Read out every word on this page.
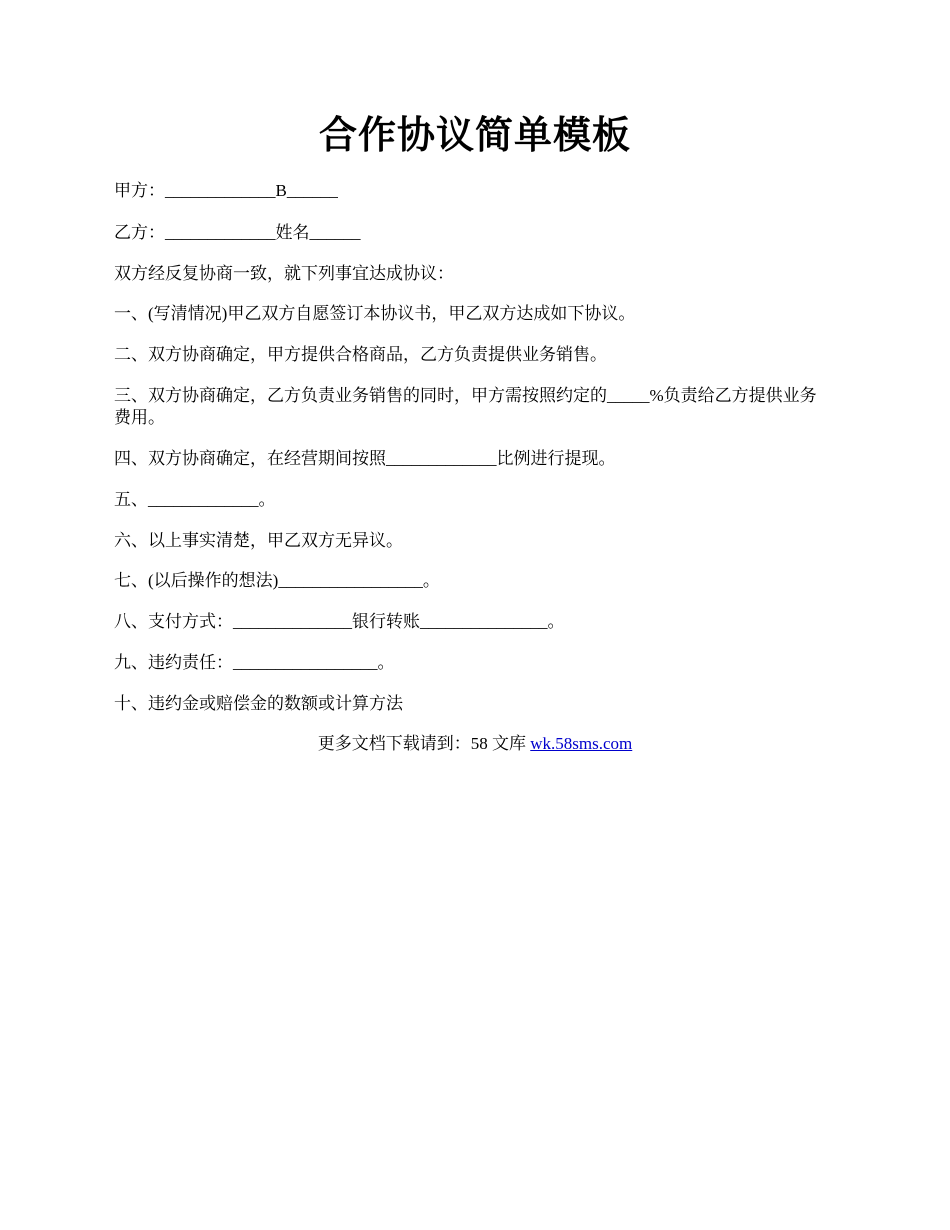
合作协议简单模板
甲方：_____________B______
乙方：_____________姓名______
双方经反复协商一致，就下列事宜达成协议：
一、(写清情况)甲乙双方自愿签订本协议书，甲乙双方达成如下协议。
二、双方协商确定，甲方提供合格商品，乙方负责提供业务销售。
三、双方协商确定，乙方负责业务销售的同时，甲方需按照约定的_____%负责给乙方提供业务费用。
四、双方协商确定，在经营期间按照_____________比例进行提现。
五、_____________。
六、以上事实清楚，甲乙双方无异议。
七、(以后操作的想法)_________________。
八、支付方式：______________银行转账_______________。
九、违约责任：_________________。
十、违约金或赔偿金的数额或计算方法
更多文档下载请到：58 文库 wk.58sms.com
